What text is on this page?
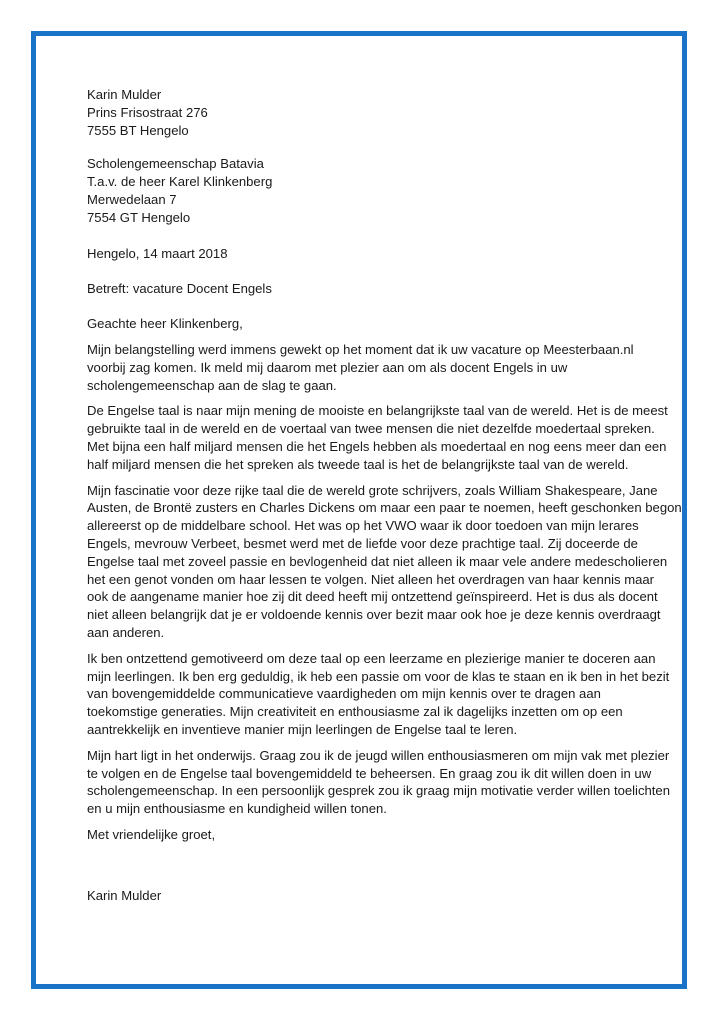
Karin Mulder
Prins Frisostraat 276
7555 BT Hengelo
Scholengemeenschap Batavia
T.a.v. de heer Karel Klinkenberg
Merwedelaan 7
7554 GT Hengelo
Hengelo, 14 maart 2018
Betreft: vacature Docent Engels
Geachte heer Klinkenberg,
Mijn belangstelling werd immens gewekt op het moment dat ik uw vacature op Meesterbaan.nl
voorbij zag komen. Ik meld mij daarom met plezier aan om als docent Engels in uw
scholengemeenschap aan de slag te gaan.
De Engelse taal is naar mijn mening de mooiste en belangrijkste taal van de wereld. Het is de meest
gebruikte taal in de wereld en de voertaal van twee mensen die niet dezelfde moedertaal spreken.
Met bijna een half miljard mensen die het Engels hebben als moedertaal en nog eens meer dan een
half miljard mensen die het spreken als tweede taal is het de belangrijkste taal van de wereld.
Mijn fascinatie voor deze rijke taal die de wereld grote schrijvers, zoals William Shakespeare, Jane
Austen, de Brontë zusters en Charles Dickens om maar een paar te noemen, heeft geschonken begon
allereerst op de middelbare school. Het was op het VWO waar ik door toedoen van mijn lerares
Engels, mevrouw Verbeet, besmet werd met de liefde voor deze prachtige taal. Zij doceerde de
Engelse taal met zoveel passie en bevlogenheid dat niet alleen ik maar vele andere medescholieren
het een genot vonden om haar lessen te volgen. Niet alleen het overdragen van haar kennis maar
ook de aangename manier hoe zij dit deed heeft mij ontzettend geïnspireerd. Het is dus als docent
niet alleen belangrijk dat je er voldoende kennis over bezit maar ook hoe je deze kennis overdraagt
aan anderen.
Ik ben ontzettend gemotiveerd om deze taal op een leerzame en plezierige manier te doceren aan
mijn leerlingen. Ik ben erg geduldig, ik heb een passie om voor de klas te staan en ik ben in het bezit
van bovengemiddelde communicatieve vaardigheden om mijn kennis over te dragen aan
toekomstige generaties. Mijn creativiteit en enthousiasme zal ik dagelijks inzetten om op een
aantrekkelijk en inventieve manier mijn leerlingen de Engelse taal te leren.
Mijn hart ligt in het onderwijs. Graag zou ik de jeugd willen enthousiasmeren om mijn vak met plezier
te volgen en de Engelse taal bovengemiddeld te beheersen. En graag zou ik dit willen doen in uw
scholengemeenschap. In een persoonlijk gesprek zou ik graag mijn motivatie verder willen toelichten
en u mijn enthousiasme en kundigheid willen tonen.
Met vriendelijke groet,
Karin Mulder
